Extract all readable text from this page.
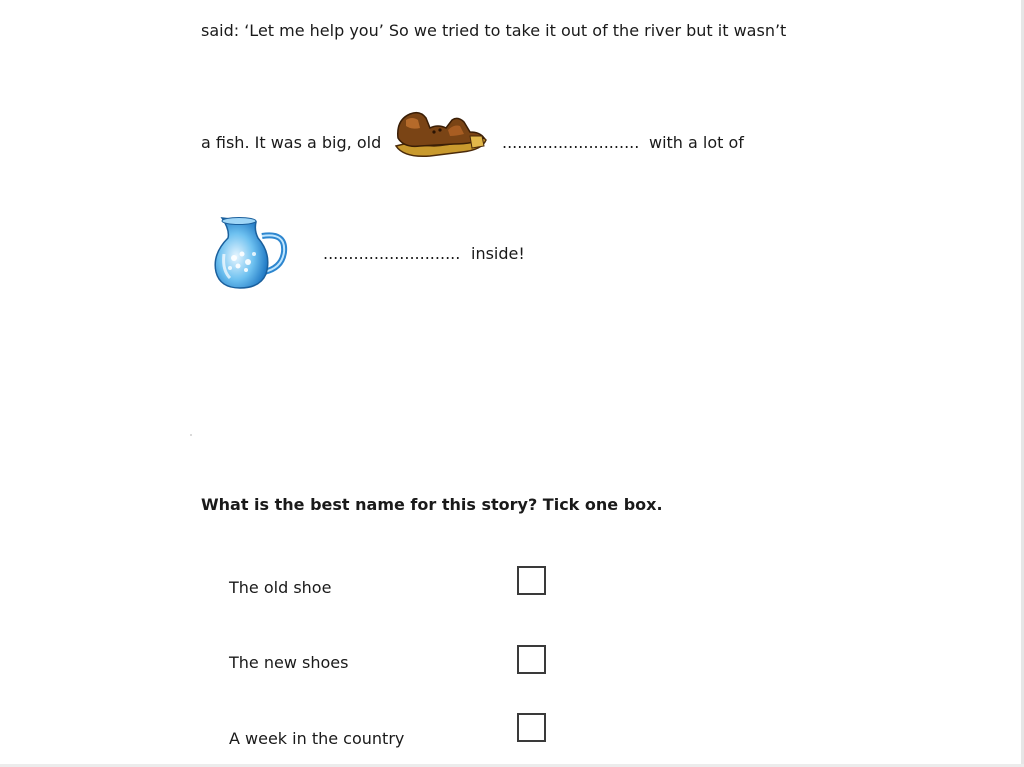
said: ‘Let me help you’ So we tried to take it out of the river but it wasn’t
a fish. It was a big, old	........................... with a lot of
........................... inside!
What is the best name for this story? Tick one box.
The old shoe
The new shoes
A week in the country
